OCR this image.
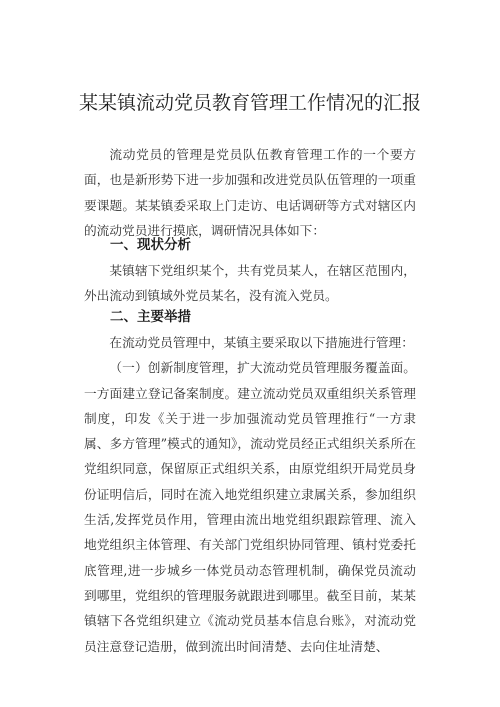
某某镇流动党员教育管理工作情况的汇报

流动党员的管理是党员队伍教育管理工作的一个要方面，也是新形势下进一步加强和改进党员队伍管理的一项重要课题。某某镇委采取上门走访、电话调研等方式对辖区内的流动党员进行摸底，调研情况具体如下：

一、现状分析

某镇辖下党组织某个，共有党员某人，在辖区范围内，外出流动到镇域外党员某名，没有流入党员。

二、主要举措

在流动党员管理中，某镇主要采取以下措施进行管理：

（一）创新制度管理，扩大流动党员管理服务覆盖面。一方面建立登记备案制度。建立流动党员双重组织关系管理制度，印发《关于进一步加强流动党员管理推行“一方隶属、多方管理”模式的通知》，流动党员经正式组织关系所在党组织同意，保留原正式组织关系，由原党组织开局党员身份证明信后，同时在流入地党组织建立隶属关系，参加组织生活,发挥党员作用，管理由流出地党组织跟踪管理、流入地党组织主体管理、有关部门党组织协同管理、镇村党委托底管理,进一步城乡一体党员动态管理机制，确保党员流动到哪里，党组织的管理服务就跟进到哪里。截至目前，某某镇辖下各党组织建立《流动党员基本信息台账》，对流动党员注意登记造册，做到流出时间清楚、去向住址清楚、
